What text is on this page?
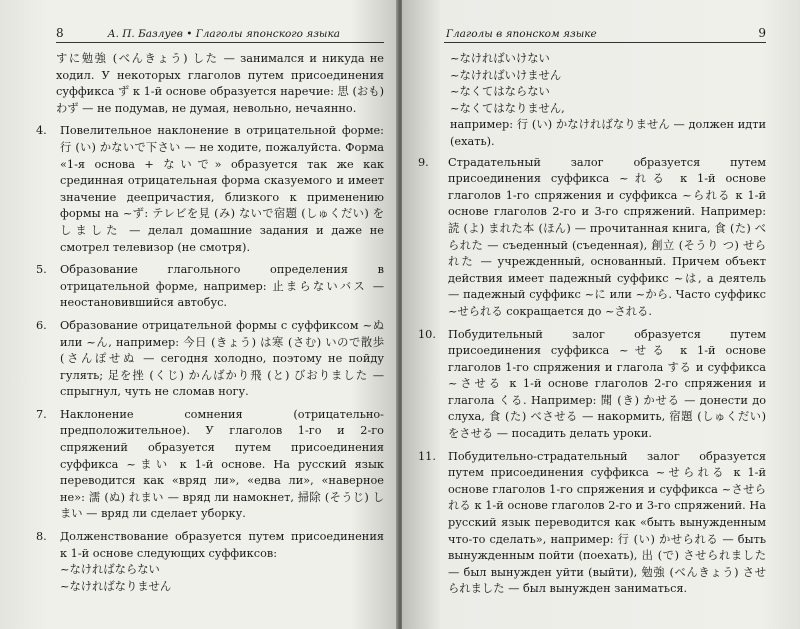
8	А. П. Базлуев • Глаголы японского языка

すに勉強 (べんきょう) した — занимался и никуда не ходил. У некоторых глаголов путем присоединения суффикса ず к 1-й основе образуется наречие: 思 (おも) わず — не подумав, не думая, невольно, нечаянно.

4.	Повелительное наклонение в отрицательной форме: 行 (い) かないで下さい — не ходите, пожалуйста. Форма «1-я основа + ないで» образуется так же как срединная отрицательная форма сказуемого и имеет значение деепричастия, близкого к применению формы на ~ず: テレビを見 (み) ないで宿題 (しゅくだい) をしました — делал домашние задания и даже не смотрел телевизор (не смотря).
5.	Образование глагольного определения в отрицательной форме, например: 止まらないバス — неостановившийся автобус.
6.	Образование отрицательной формы с суффиксом ~ぬ или ~ん, например: 今日 (きょう) は寒 (さむ) いので散歩 (さんぽせぬ — сегодня холодно, поэтому не пойду гулять; 足を挫 (くじ) かんばかり飛 (と) びおりました — спрыгнул, чуть не сломав ногу.
7.	Наклонение сомнения (отрицательно-предположительное). У глаголов 1-го и 2-го спряжений образуется путем присоединения суффикса ~まい к 1-й основе. На русский язык переводится как «вряд ли», «едва ли», «наверное не»: 濡 (ぬ) れまい — вряд ли намокнет, 掃除 (そうじ) しまい — вряд ли сделает уборку.
8.	Долженствование образуется путем присоединения к 1-й основе следующих суффиксов:
~なければならない
~なければなりません
Глаголы в японском языке	9
~なければいけない
~なければいけません
~なくてはならない
~なくてはなりません,
например: 行 (い) かなければなりません — должен идти (ехать).
9.	Страдательный залог образуется путем присоединения суффикса ~れる к 1-й основе глаголов 1-го спряжения и суффикса ~られる к 1-й основе глаголов 2-го и 3-го спряжений. Например: 読 (よ) まれた本 (ほん) — прочитанная книга, 食 (た) べられた — съеденный (съеденная), 創立 (そうり つ) せられた — учрежденный, основанный. Причем объект действия имеет падежный суффикс ~は, а деятель — падежный суффикс ~に или ~から. Часто суффикс ~せられる сокращается до ~される.
10.	Побудительный залог образуется путем присоединения суффикса ~せる к 1-й основе глаголов 1-го спряжения и глагола する и суффикса ~させる к 1-й основе глаголов 2-го спряжения и глагола くる. Например: 聞 (き) かせる — донести до слуха, 食 (た) べさせる — накормить, 宿題 (しゅくだい) をさせる — посадить делать уроки.
11.	Побудительно-страдательный залог образуется путем присоединения суффикса ~せられる к 1-й основе глаголов 1-го спряжения и суффикса ~させられる к 1-й основе глаголов 2-го и 3-го спряжений. На русский язык переводится как «быть вынужденным что-то сделать», например: 行 (い) かせられる — быть вынужденным пойти (поехать), 出 (で) させられました — был вынужден уйти (выйти), 勉強 (べんきょう) させられました — был вынужден заниматься.
